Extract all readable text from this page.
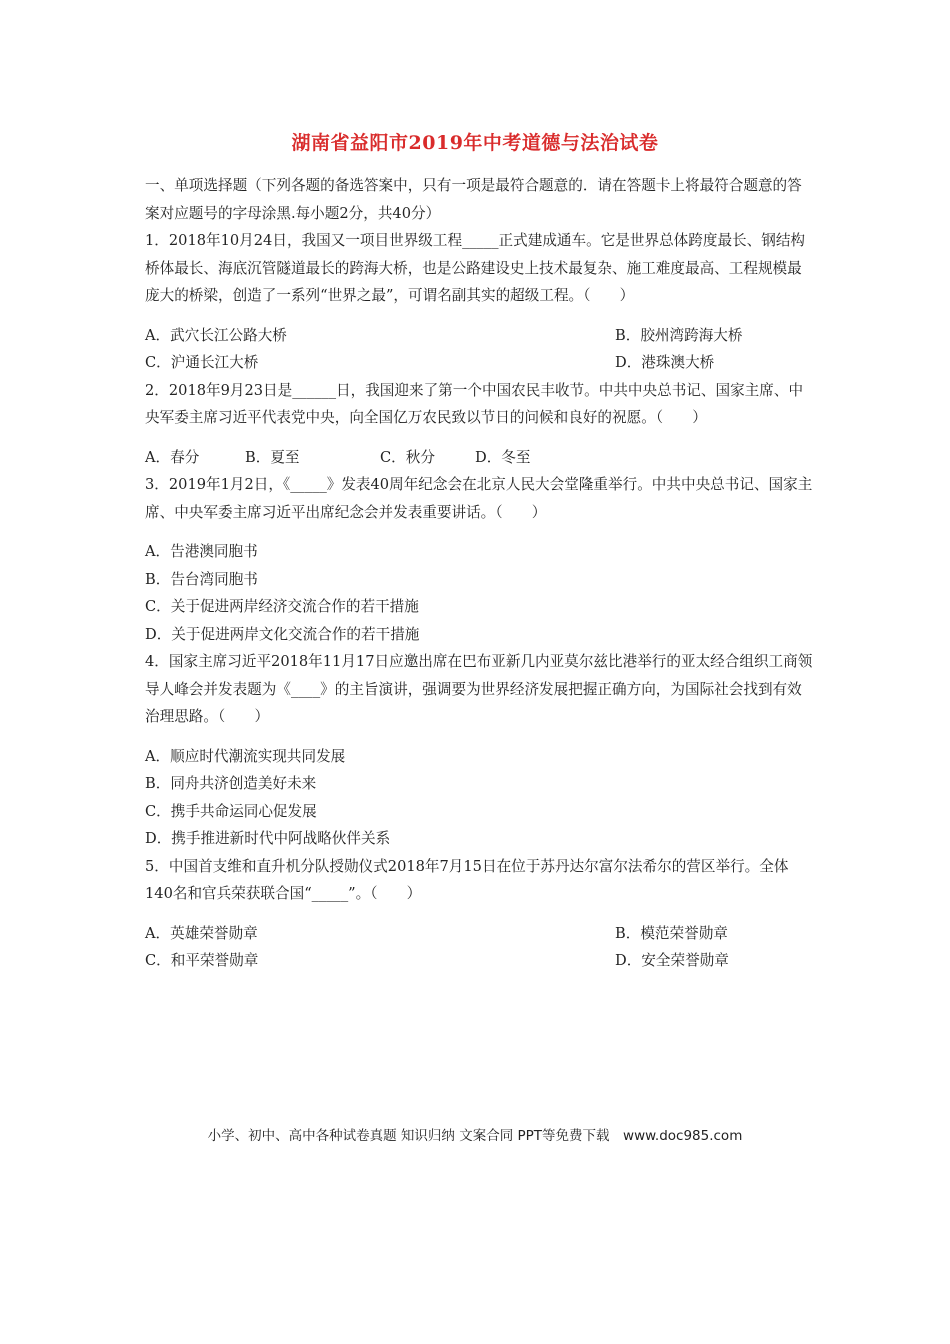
湖南省益阳市2019年中考道德与法治试卷

一、单项选择题（下列各题的备选答案中，只有一项是最符合题意的．请在答题卡上将最符合题意的答案对应题号的字母涂黑.每小题2分，共40分）

1．2018年10月24日，我国又一项目世界级工程_____正式建成通车。它是世界总体跨度最长、钢结构桥体最长、海底沉管隧道最长的跨海大桥，也是公路建设史上技术最复杂、施工难度最高、工程规模最庞大的桥梁，创造了一系列“世界之最”，可谓名副其实的超级工程。（　　）

A．武穴长江公路大桥	B．胶州湾跨海大桥
C．沪通长江大桥	D．港珠澳大桥

2．2018年9月23日是______日，我国迎来了第一个中国农民丰收节。中共中央总书记、国家主席、中央军委主席习近平代表党中央，向全国亿万农民致以节日的问候和良好的祝愿。（　　）

A．春分	B．夏至	C．秋分	D．冬至

3．2019年1月2日，《_____》发表40周年纪念会在北京人民大会堂隆重举行。中共中央总书记、国家主席、中央军委主席习近平出席纪念会并发表重要讲话。（　　）

A．告港澳同胞书
B．告台湾同胞书
C．关于促进两岸经济交流合作的若干措施
D．关于促进两岸文化交流合作的若干措施

4．国家主席习近平2018年11月17日应邀出席在巴布亚新几内亚莫尔兹比港举行的亚太经合组织工商领导人峰会并发表题为《____》的主旨演讲，强调要为世界经济发展把握正确方向，为国际社会找到有效治理思路。（　　）

A．顺应时代潮流实现共同发展
B．同舟共济创造美好未来
C．携手共命运同心促发展
D．携手推进新时代中阿战略伙伴关系

5．中国首支维和直升机分队授勋仪式2018年7月15日在位于苏丹达尔富尔法希尔的营区举行。全体140名和官兵荣获联合国“_____”。（　　）

A．英雄荣誉勋章	B．模范荣誉勋章
C．和平荣誉勋章	D．安全荣誉勋章
小学、初中、高中各种试卷真题 知识归纳 文案合同 PPT等免费下载　www.doc985.com
